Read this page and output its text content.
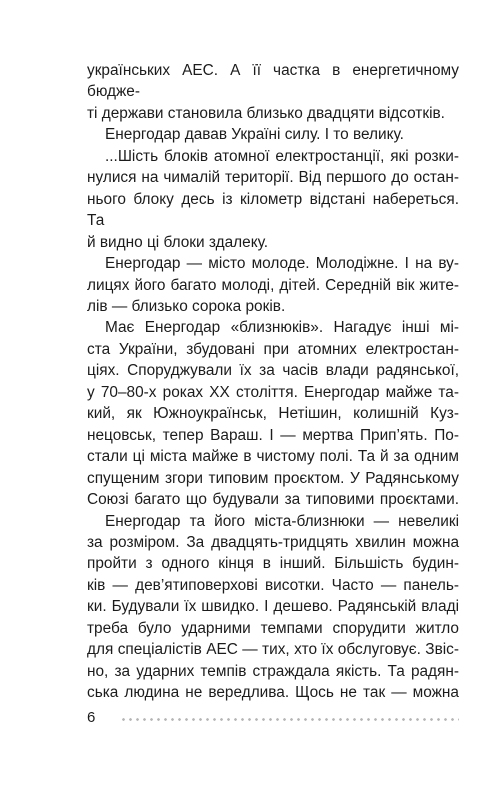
українських АЕС. А її частка в енергетичному бюдже-
ті держави становила близько двадцяти відсотків.

Енергодар давав Україні силу. І то велику.

...Шість блоків атомної електростанції, які розки-
нулися на чималій території. Від першого до остан-
нього блоку десь із кілометр відстані набереться. Та
й видно ці блоки здалеку.

Енергодар — місто молоде. Молодіжне. І на ву-
лицях його багато молоді, дітей. Середній вік жите-
лів — близько сорока років.

Має Енергодар «близнюків». Нагадує інші мі-
ста України, збудовані при атомних електростан-
ціях. Споруджували їх за часів влади радянської,
у 70–80-х роках ХХ століття. Енергодар майже та-
кий, як Южноукраїнськ, Нетішин, колишній Куз-
нецовськ, тепер Вараш. І — мертва Прип’ять. По-
стали ці міста майже в чистому полі. Та й за одним
спущеним згори типовим проєктом. У Радянському
Союзі багато що будували за типовими проєктами.

Енергодар та його міста-близнюки — невеликі
за розміром. За двадцять-тридцять хвилин можна
пройти з одного кінця в інший. Більшість будин-
ків — дев’ятиповерхові висотки. Часто — панель-
ки. Будували їх швидко. І дешево. Радянській владі
треба було ударними темпами спорудити житло
для спеціалістів АЕС — тих, хто їх обслуговує. Звіс-
но, за ударних темпів страждала якість. Та радян-
ська людина не вередлива. Щось не так — можна

6
